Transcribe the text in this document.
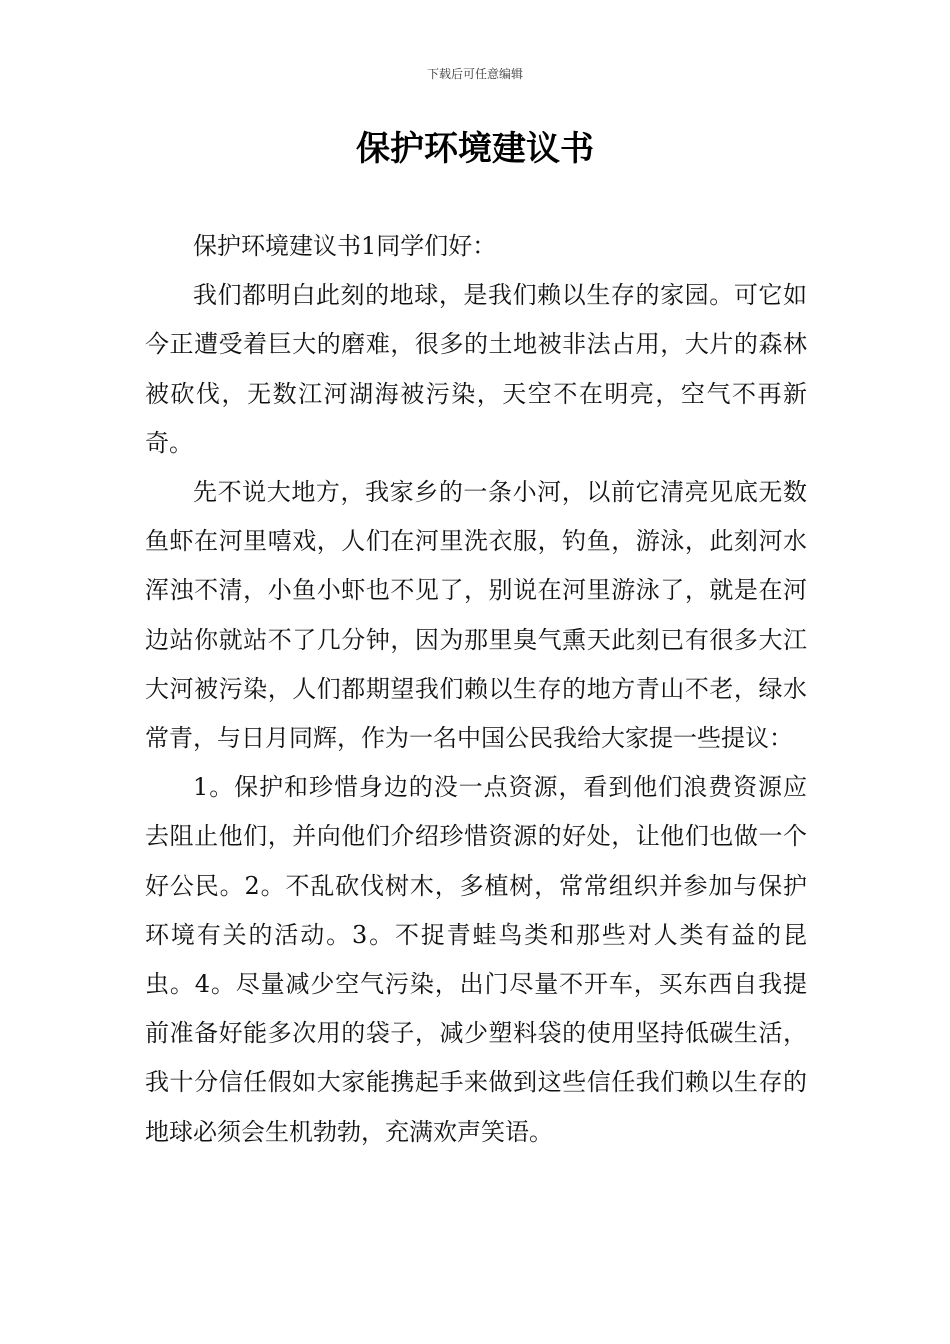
下载后可任意编辑
保护环境建议书

保护环境建议书1同学们好：

我们都明白此刻的地球，是我们赖以生存的家园。可它如今正遭受着巨大的磨难，很多的土地被非法占用，大片的森林被砍伐，无数江河湖海被污染，天空不在明亮，空气不再新奇。

先不说大地方，我家乡的一条小河，以前它清亮见底无数鱼虾在河里嘻戏，人们在河里洗衣服，钓鱼，游泳，此刻河水浑浊不清，小鱼小虾也不见了，别说在河里游泳了，就是在河边站你就站不了几分钟，因为那里臭气熏天此刻已有很多大江大河被污染，人们都期望我们赖以生存的地方青山不老，绿水常青，与日月同辉，作为一名中国公民我给大家提一些提议：

1。保护和珍惜身边的没一点资源，看到他们浪费资源应去阻止他们，并向他们介绍珍惜资源的好处，让他们也做一个好公民。2。不乱砍伐树木，多植树，常常组织并参加与保护环境有关的活动。3。不捉青蛙鸟类和那些对人类有益的昆虫。4。尽量减少空气污染，出门尽量不开车，买东西自我提前准备好能多次用的袋子，减少塑料袋的使用坚持低碳生活，我十分信任假如大家能携起手来做到这些信任我们赖以生存的地球必须会生机勃勃，充满欢声笑语。
